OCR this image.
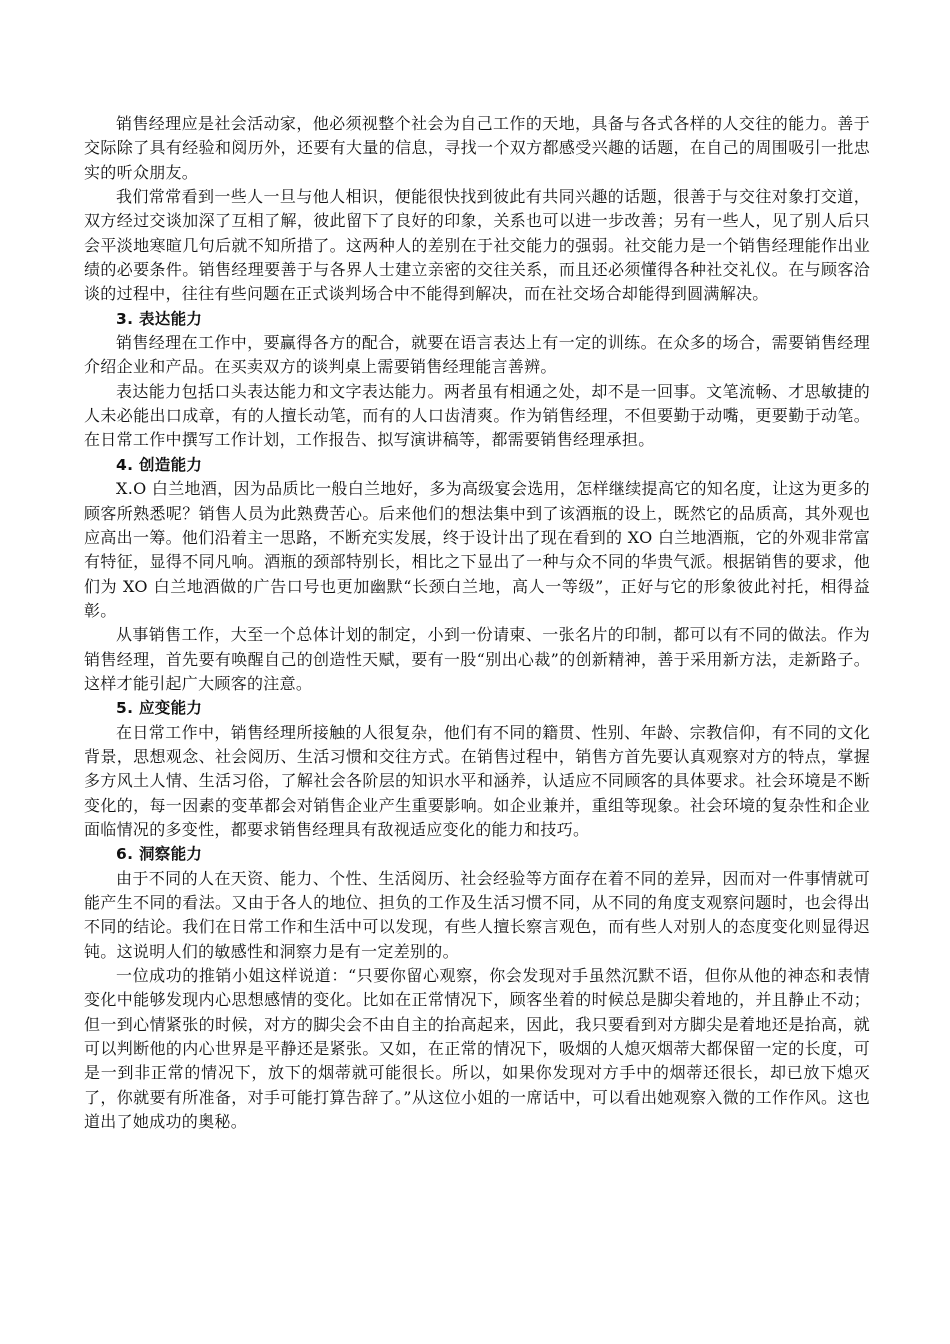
销售经理应是社会活动家，他必须视整个社会为自己工作的天地，具备与各式各样的人交往的能力。善于交际除了具有经验和阅历外，还要有大量的信息，寻找一个双方都感受兴趣的话题，在自己的周围吸引一批忠实的听众朋友。

我们常常看到一些人一旦与他人相识，便能很快找到彼此有共同兴趣的话题，很善于与交往对象打交道，双方经过交谈加深了互相了解，彼此留下了良好的印象，关系也可以进一步改善；另有一些人，见了别人后只会平淡地寒暄几句后就不知所措了。这两种人的差别在于社交能力的强弱。社交能力是一个销售经理能作出业绩的必要条件。销售经理要善于与各界人士建立亲密的交往关系，而且还必须懂得各种社交礼仪。在与顾客洽谈的过程中，往往有些问题在正式谈判场合中不能得到解决，而在社交场合却能得到圆满解决。

3. 表达能力

销售经理在工作中，要赢得各方的配合，就要在语言表达上有一定的训练。在众多的场合，需要销售经理介绍企业和产品。在买卖双方的谈判桌上需要销售经理能言善辨。

表达能力包括口头表达能力和文字表达能力。两者虽有相通之处，却不是一回事。文笔流畅、才思敏捷的人未必能出口成章，有的人擅长动笔，而有的人口齿清爽。作为销售经理，不但要勤于动嘴，更要勤于动笔。在日常工作中撰写工作计划，工作报告、拟写演讲稿等，都需要销售经理承担。

4. 创造能力

X.O 白兰地酒，因为品质比一般白兰地好，多为高级宴会选用，怎样继续提高它的知名度，让这为更多的顾客所熟悉呢？销售人员为此熟费苦心。后来他们的想法集中到了该酒瓶的设上，既然它的品质高，其外观也应高出一筹。他们沿着主一思路，不断充实发展，终于设计出了现在看到的 XO 白兰地酒瓶，它的外观非常富有特征，显得不同凡响。酒瓶的颈部特别长，相比之下显出了一种与众不同的华贵气派。根据销售的要求，他们为 XO 白兰地酒做的广告口号也更加幽默“长颈白兰地，高人一等级”，正好与它的形象彼此衬托，相得益彰。

从事销售工作，大至一个总体计划的制定，小到一份请柬、一张名片的印制，都可以有不同的做法。作为销售经理，首先要有唤醒自己的创造性天赋，要有一股“别出心裁”的创新精神，善于采用新方法，走新路子。这样才能引起广大顾客的注意。

5. 应变能力

在日常工作中，销售经理所接触的人很复杂，他们有不同的籍贯、性别、年龄、宗教信仰，有不同的文化背景，思想观念、社会阅历、生活习惯和交往方式。在销售过程中，销售方首先要认真观察对方的特点，掌握多方风土人情、生活习俗，了解社会各阶层的知识水平和涵养，认适应不同顾客的具体要求。社会环境是不断变化的，每一因素的变革都会对销售企业产生重要影响。如企业兼并，重组等现象。社会环境的复杂性和企业面临情况的多变性，都要求销售经理具有敌视适应变化的能力和技巧。

6. 洞察能力

由于不同的人在天资、能力、个性、生活阅历、社会经验等方面存在着不同的差异，因而对一件事情就可能产生不同的看法。又由于各人的地位、担负的工作及生活习惯不同，从不同的角度支观察问题时，也会得出不同的结论。我们在日常工作和生活中可以发现，有些人擅长察言观色，而有些人对别人的态度变化则显得迟钝。这说明人们的敏感性和洞察力是有一定差别的。

一位成功的推销小姐这样说道：“只要你留心观察，你会发现对手虽然沉默不语，但你从他的神态和表情变化中能够发现内心思想感情的变化。比如在正常情况下，顾客坐着的时候总是脚尖着地的，并且静止不动；但一到心情紧张的时候，对方的脚尖会不由自主的抬高起来，因此，我只要看到对方脚尖是着地还是抬高，就可以判断他的内心世界是平静还是紧张。又如，在正常的情况下，吸烟的人熄灭烟蒂大都保留一定的长度，可是一到非正常的情况下，放下的烟蒂就可能很长。所以，如果你发现对方手中的烟蒂还很长，却已放下熄灭了，你就要有所准备，对手可能打算告辞了。”从这位小姐的一席话中，可以看出她观察入微的工作作风。这也道出了她成功的奥秘。
